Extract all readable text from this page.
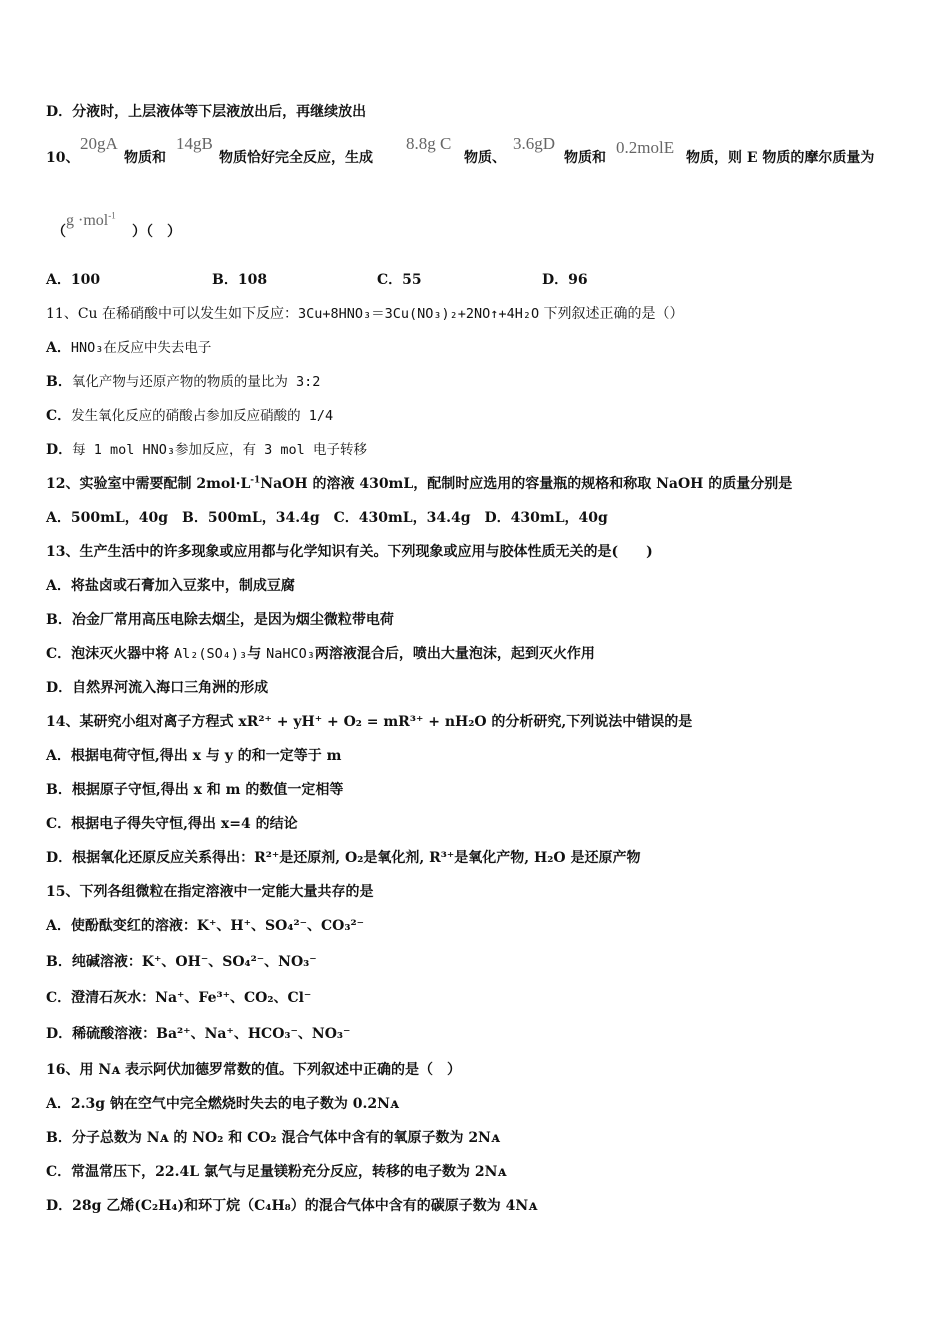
D．分液时，上层液体等下层液放出后，再继续放出
10、
20gA
物质和
14gB
物质恰好完全反应，生成
8.8g C
物质、
3.6gD
物质和
0.2molE
物质，则 E 物质的摩尔质量为
（
g ·mol$^{-1}$
）（　）
A．100	B．108	C．55	D．96
11、Cu 在稀硝酸中可以发生如下反应：3Cu+8HNO₃＝3Cu(NO₃)₂+2NO↑+4H₂O 下列叙述正确的是（）
A．HNO₃在反应中失去电子
B．氧化产物与还原产物的物质的量比为 3:2
C．发生氧化反应的硝酸占参加反应硝酸的 1/4
D．每 1 mol HNO₃参加反应，有 3 mol 电子转移
12、实验室中需要配制 $2mol\cdot L^{-1}NaOH$ 的溶液 430mL，配制时应选用的容量瓶的规格和称取 NaOH 的质量分别是
A．500mL，40g　B．500mL，34.4g　C．430mL，34.4g　D．430mL，40g
13、生产生活中的许多现象或应用都与化学知识有关。下列现象或应用与胶体性质无关的是(　　)
A．将盐卤或石膏加入豆浆中，制成豆腐
B．冶金厂常用高压电除去烟尘，是因为烟尘微粒带电荷
C．泡沫灭火器中将 Al₂(SO₄)₃与 NaHCO₃两溶液混合后，喷出大量泡沫，起到灭火作用
D．自然界河流入海口三角洲的形成
14、某研究小组对离子方程式 xR²⁺ + yH⁺ + O₂ = mR³⁺ + nH₂O 的分析研究,下列说法中错误的是
A．根据电荷守恒,得出 x 与 y 的和一定等于 m
B．根据原子守恒,得出 x 和 m 的数值一定相等
C．根据电子得失守恒,得出 x=4 的结论
D．根据氧化还原反应关系得出：R²⁺是还原剂, O₂是氧化剂, R³⁺是氧化产物, H₂O 是还原产物
15、下列各组微粒在指定溶液中一定能大量共存的是
A．使酚酞变红的溶液：K⁺、H⁺、SO₄²⁻、CO₃²⁻
B．纯碱溶液：K⁺、OH⁻、SO₄²⁻、NO₃⁻
C．澄清石灰水：Na⁺、Fe³⁺、CO₂、Cl⁻
D．稀硫酸溶液：Ba²⁺、Na⁺、HCO₃⁻、NO₃⁻
16、用 Nᴀ 表示阿伏加德罗常数的值。下列叙述中正确的是（　）
A．2.3g 钠在空气中完全燃烧时失去的电子数为 0.2Nᴀ
B．分子总数为 Nᴀ 的 NO₂ 和 CO₂ 混合气体中含有的氧原子数为 2Nᴀ
C．常温常压下，22.4L 氯气与足量镁粉充分反应，转移的电子数为 2Nᴀ
D．28g 乙烯(C₂H₄)和环丁烷（C₄H₈）的混合气体中含有的碳原子数为 4Nᴀ
